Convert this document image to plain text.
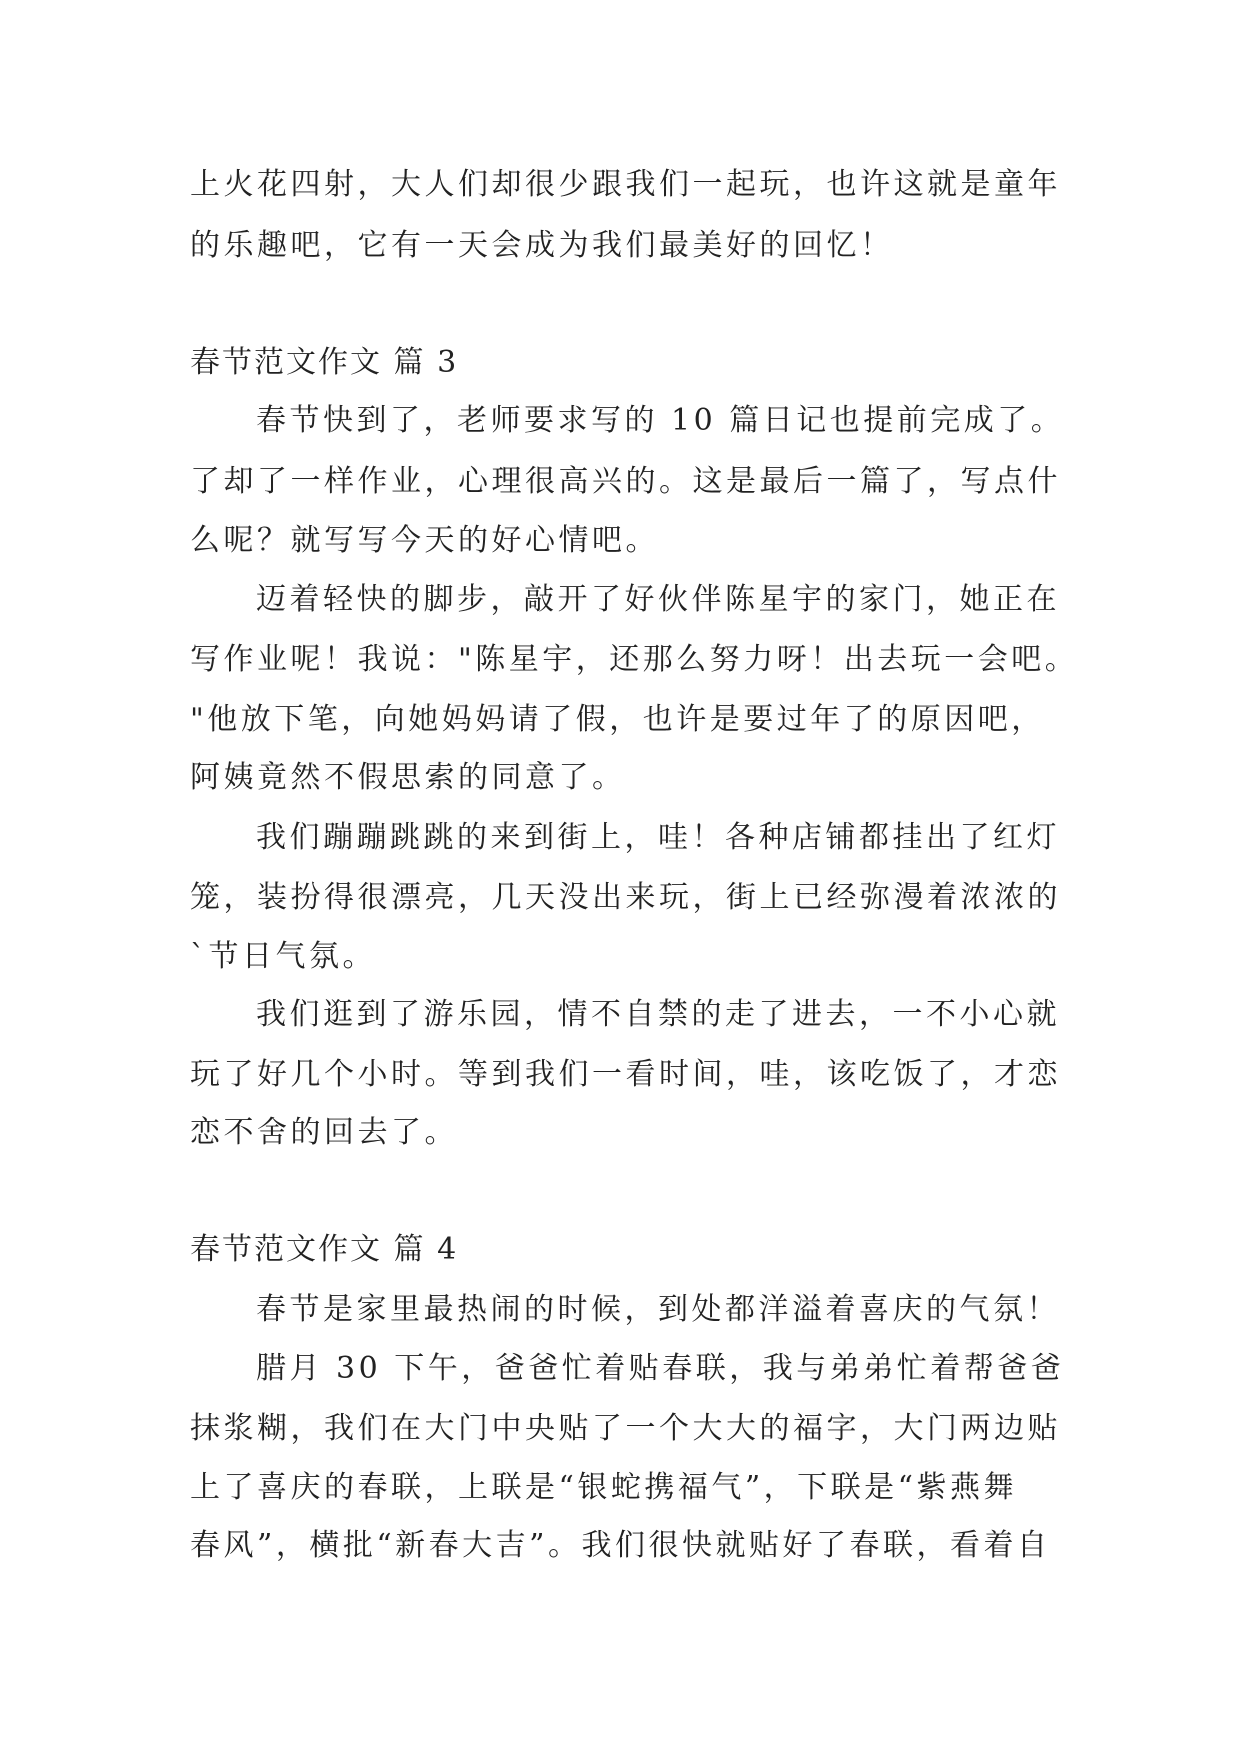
上火花四射，大人们却很少跟我们一起玩，也许这就是童年
的乐趣吧，它有一天会成为我们最美好的回忆！
春节范文作文 篇 3
春节快到了，老师要求写的 10 篇日记也提前完成了。
了却了一样作业，心理很高兴的。这是最后一篇了，写点什
么呢？就写写今天的好心情吧。
迈着轻快的脚步，敲开了好伙伴陈星宇的家门，她正在
写作业呢！我说："陈星宇，还那么努力呀！出去玩一会吧。
"他放下笔，向她妈妈请了假，也许是要过年了的原因吧，
阿姨竟然不假思索的同意了。
我们蹦蹦跳跳的来到街上，哇！各种店铺都挂出了红灯
笼，装扮得很漂亮，几天没出来玩，街上已经弥漫着浓浓的
`节日气氛。
我们逛到了游乐园，情不自禁的走了进去，一不小心就
玩了好几个小时。等到我们一看时间，哇，该吃饭了，才恋
恋不舍的回去了。
春节范文作文 篇 4
春节是家里最热闹的时候，到处都洋溢着喜庆的气氛！
腊月 30 下午，爸爸忙着贴春联，我与弟弟忙着帮爸爸
抹浆糊，我们在大门中央贴了一个大大的福字，大门两边贴
上了喜庆的春联，上联是“银蛇携福气”，下联是“紫燕舞
春风”，横批“新春大吉”。我们很快就贴好了春联，看着自
